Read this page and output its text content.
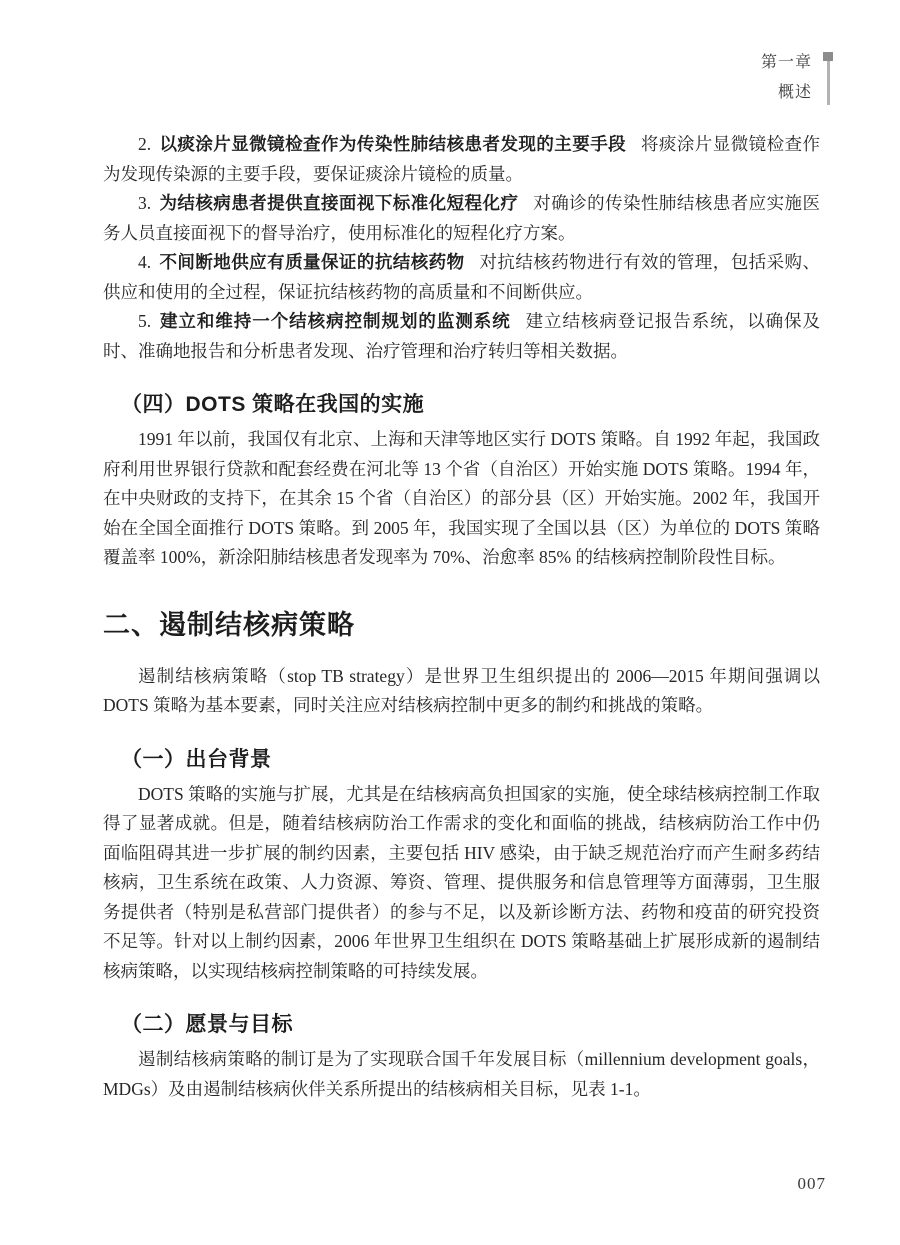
第一章
概述

2. 以痰涂片显微镜检查作为传染性肺结核患者发现的主要手段 将痰涂片显微镜检查作为发现传染源的主要手段，要保证痰涂片镜检的质量。

3. 为结核病患者提供直接面视下标准化短程化疗 对确诊的传染性肺结核患者应实施医务人员直接面视下的督导治疗，使用标准化的短程化疗方案。

4. 不间断地供应有质量保证的抗结核药物 对抗结核药物进行有效的管理，包括采购、供应和使用的全过程，保证抗结核药物的高质量和不间断供应。

5. 建立和维持一个结核病控制规划的监测系统 建立结核病登记报告系统，以确保及时、准确地报告和分析患者发现、治疗管理和治疗转归等相关数据。

（四）DOTS 策略在我国的实施

1991 年以前，我国仅有北京、上海和天津等地区实行 DOTS 策略。自 1992 年起，我国政府利用世界银行贷款和配套经费在河北等 13 个省（自治区）开始实施 DOTS 策略。1994 年，在中央财政的支持下，在其余 15 个省（自治区）的部分县（区）开始实施。2002 年，我国开始在全国全面推行 DOTS 策略。到 2005 年，我国实现了全国以县（区）为单位的 DOTS 策略覆盖率 100%，新涂阳肺结核患者发现率为 70%、治愈率 85% 的结核病控制阶段性目标。

二、遏制结核病策略

遏制结核病策略（stop TB strategy）是世界卫生组织提出的 2006—2015 年期间强调以 DOTS 策略为基本要素，同时关注应对结核病控制中更多的制约和挑战的策略。

（一）出台背景

DOTS 策略的实施与扩展，尤其是在结核病高负担国家的实施，使全球结核病控制工作取得了显著成就。但是，随着结核病防治工作需求的变化和面临的挑战，结核病防治工作中仍面临阻碍其进一步扩展的制约因素，主要包括 HIV 感染，由于缺乏规范治疗而产生耐多药结核病，卫生系统在政策、人力资源、筹资、管理、提供服务和信息管理等方面薄弱，卫生服务提供者（特别是私营部门提供者）的参与不足，以及新诊断方法、药物和疫苗的研究投资不足等。针对以上制约因素，2006 年世界卫生组织在 DOTS 策略基础上扩展形成新的遏制结核病策略，以实现结核病控制策略的可持续发展。

（二）愿景与目标

遏制结核病策略的制订是为了实现联合国千年发展目标（millennium development goals，MDGs）及由遏制结核病伙伴关系所提出的结核病相关目标，见表 1-1。

007
